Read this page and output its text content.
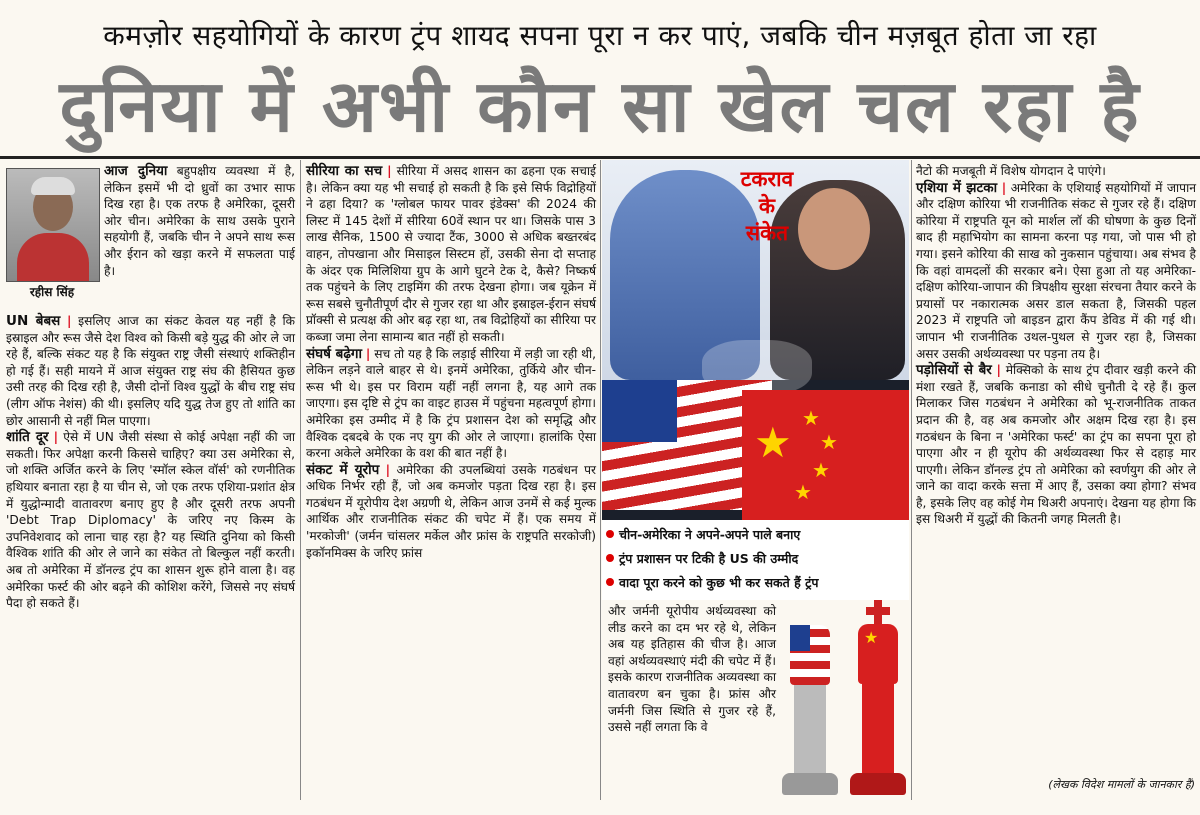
कमज़ोर सहयोगियों के कारण ट्रंप शायद सपना पूरा न कर पाएं, जबकि चीन मज़बूत होता जा रहा
दुनिया में अभी कौन सा खेल चल रहा है
रहीस सिंह

आज दुनिया बहुपक्षीय व्यवस्था में है, लेकिन इसमें भी दो ध्रुवों का उभार साफ दिख रहा है। एक तरफ है अमेरिका, दूसरी ओर चीन। अमेरिका के साथ उसके पुराने सहयोगी हैं, जबकि चीन ने अपने साथ रूस और ईरान को खड़ा करने में सफलता पाई है।

UN बेबस | इसलिए आज का संकट केवल यह नहीं है कि इस्राइल और रूस जैसे देश विश्व को किसी बड़े युद्ध की ओर ले जा रहे हैं, बल्कि संकट यह है कि संयुक्त राष्ट्र जैसी संस्थाएं शक्तिहीन हो गई हैं। सही मायने में आज संयुक्त राष्ट्र संघ की हैसियत कुछ उसी तरह की दिख रही है, जैसी दोनों विश्व युद्धों के बीच राष्ट्र संघ (लीग ऑफ नेशंस) की थी। इसलिए यदि युद्ध तेज हुए तो शांति का छोर आसानी से नहीं मिल पाएगा।

शांति दूर | ऐसे में UN जैसी संस्था से कोई अपेक्षा नहीं की जा सकती। फिर अपेक्षा करनी किससे चाहिए? क्या उस अमेरिका से, जो शक्ति अर्जित करने के लिए 'स्मॉल स्केल वॉर्स' को रणनीतिक हथियार बनाता रहा है या चीन से, जो एक तरफ एशिया-प्रशांत क्षेत्र में युद्धोन्मादी वातावरण बनाए हुए है और दूसरी तरफ अपनी 'Debt Trap Diplomacy' के जरिए नए किस्म के उपनिवेशवाद को लाना चाह रहा है? यह स्थिति दुनिया को किसी वैश्विक शांति की ओर ले जाने का संकेत तो बिल्कुल नहीं करती। अब तो अमेरिका में डॉनल्ड ट्रंप का शासन शुरू होने वाला है। वह अमेरिका फर्स्ट की ओर बढ़ने की कोशिश करेंगे, जिससे नए संघर्ष पैदा हो सकते हैं।

सीरिया का सच | सीरिया में असद शासन का ढहना एक सचाई है। लेकिन क्या यह भी सचाई हो सकती है कि इसे सिर्फ विद्रोहियों ने ढहा दिया? क 'ग्लोबल फायर पावर इंडेक्स' की 2024 की लिस्ट में 145 देशों में सीरिया 60वें स्थान पर था। जिसके पास 3 लाख सैनिक, 1500 से ज्यादा टैंक, 3000 से अधिक बख्तरबंद वाहन, तोपखाना और मिसाइल सिस्टम हों, उसकी सेना दो सप्ताह के अंदर एक मिलिशिया ग्रुप के आगे घुटने टेक दे, कैसे? निष्कर्ष तक पहुंचने के लिए टाइमिंग की तरफ देखना होगा। जब यूक्रेन में रूस सबसे चुनौतीपूर्ण दौर से गुजर रहा था और इस्राइल-ईरान संघर्ष प्रॉक्सी से प्रत्यक्ष की ओर बढ़ रहा था, तब विद्रोहियों का सीरिया पर कब्जा जमा लेना सामान्य बात नहीं हो सकती।

संघर्ष बढ़ेगा | सच तो यह है कि लड़ाई सीरिया में लड़ी जा रही थी, लेकिन लड़ने वाले बाहर से थे। इनमें अमेरिका, तुर्किये और चीन-रूस भी थे। इस पर विराम यहीं नहीं लगना है, यह आगे तक जाएगा। इस दृष्टि से ट्रंप का वाइट हाउस में पहुंचना महत्वपूर्ण होगा। अमेरिका इस उम्मीद में है कि ट्रंप प्रशासन देश को समृद्धि और वैश्विक दबदबे के एक नए युग की ओर ले जाएगा। हालांकि ऐसा करना अकेले अमेरिका के वश की बात नहीं है।

संकट में यूरोप | अमेरिका की उपलब्धियां उसके गठबंधन पर अधिक निर्भर रही हैं, जो अब कमजोर पड़ता दिख रहा है। इस गठबंधन में यूरोपीय देश अग्रणी थे, लेकिन आज उनमें से कई मुल्क आर्थिक और राजनीतिक संकट की चपेट में हैं। एक समय में 'मरकोजी' (जर्मन चांसलर मर्केल और फ्रांस के राष्ट्रपति सरकोजी) इकॉनमिक्स के जरिए फ्रांस

★ ★
★
★
★
टकराव
के
संकेत
चीन-अमेरिका ने अपने-अपने पाले बनाए
ट्रंप प्रशासन पर टिकी है US की उम्मीद
वादा पूरा करने को कुछ भी कर सकते हैं ट्रंप

और जर्मनी यूरोपीय अर्थव्यवस्था को लीड करने का दम भर रहे थे, लेकिन अब यह इतिहास की चीज है। आज वहां अर्थव्यवस्थाएं मंदी की चपेट में हैं। इसके कारण राजनीतिक अव्यवस्था का वातावरण बन चुका है। फ्रांस और जर्मनी जिस स्थिति से गुजर रहे हैं, उससे नहीं लगता कि वे

★

नैटो की मजबूती में विशेष योगदान दे पाएंगे।

एशिया में झटका | अमेरिका के एशियाई सहयोगियों में जापान और दक्षिण कोरिया भी राजनीतिक संकट से गुजर रहे हैं। दक्षिण कोरिया में राष्ट्रपति यून को मार्शल लॉ की घोषणा के कुछ दिनों बाद ही महाभियोग का सामना करना पड़ गया, जो पास भी हो गया। इसने कोरिया की साख को नुकसान पहुंचाया। अब संभव है कि वहां वामदलों की सरकार बने। ऐसा हुआ तो यह अमेरिका-दक्षिण कोरिया-जापान की त्रिपक्षीय सुरक्षा संरचना तैयार करने के प्रयासों पर नकारात्मक असर डाल सकता है, जिसकी पहल 2023 में राष्ट्रपति जो बाइडन द्वारा कैंप डेविड में की गई थी। जापान भी राजनीतिक उथल-पुथल से गुजर रहा है, जिसका असर उसकी अर्थव्यवस्था पर पड़ना तय है।

पड़ोसियों से बैर | मेक्सिको के साथ ट्रंप दीवार खड़ी करने की मंशा रखते हैं, जबकि कनाडा को सीधे चुनौती दे रहे हैं। कुल मिलाकर जिस गठबंधन ने अमेरिका को भू-राजनीतिक ताकत प्रदान की है, वह अब कमजोर और अक्षम दिख रहा है। इस गठबंधन के बिना न 'अमेरिका फर्स्ट' का ट्रंप का सपना पूरा हो पाएगा और न ही यूरोप की अर्थव्यवस्था फिर से दहाड़ मार पाएगी। लेकिन डॉनल्ड ट्रंप तो अमेरिका को स्वर्णयुग की ओर ले जाने का वादा करके सत्ता में आए हैं, उसका क्या होगा? संभव है, इसके लिए वह कोई गेम थिअरी अपनाएं। देखना यह होगा कि इस थिअरी में युद्धों की कितनी जगह मिलती है।

(लेखक विदेश मामलों के जानकार हैं)
